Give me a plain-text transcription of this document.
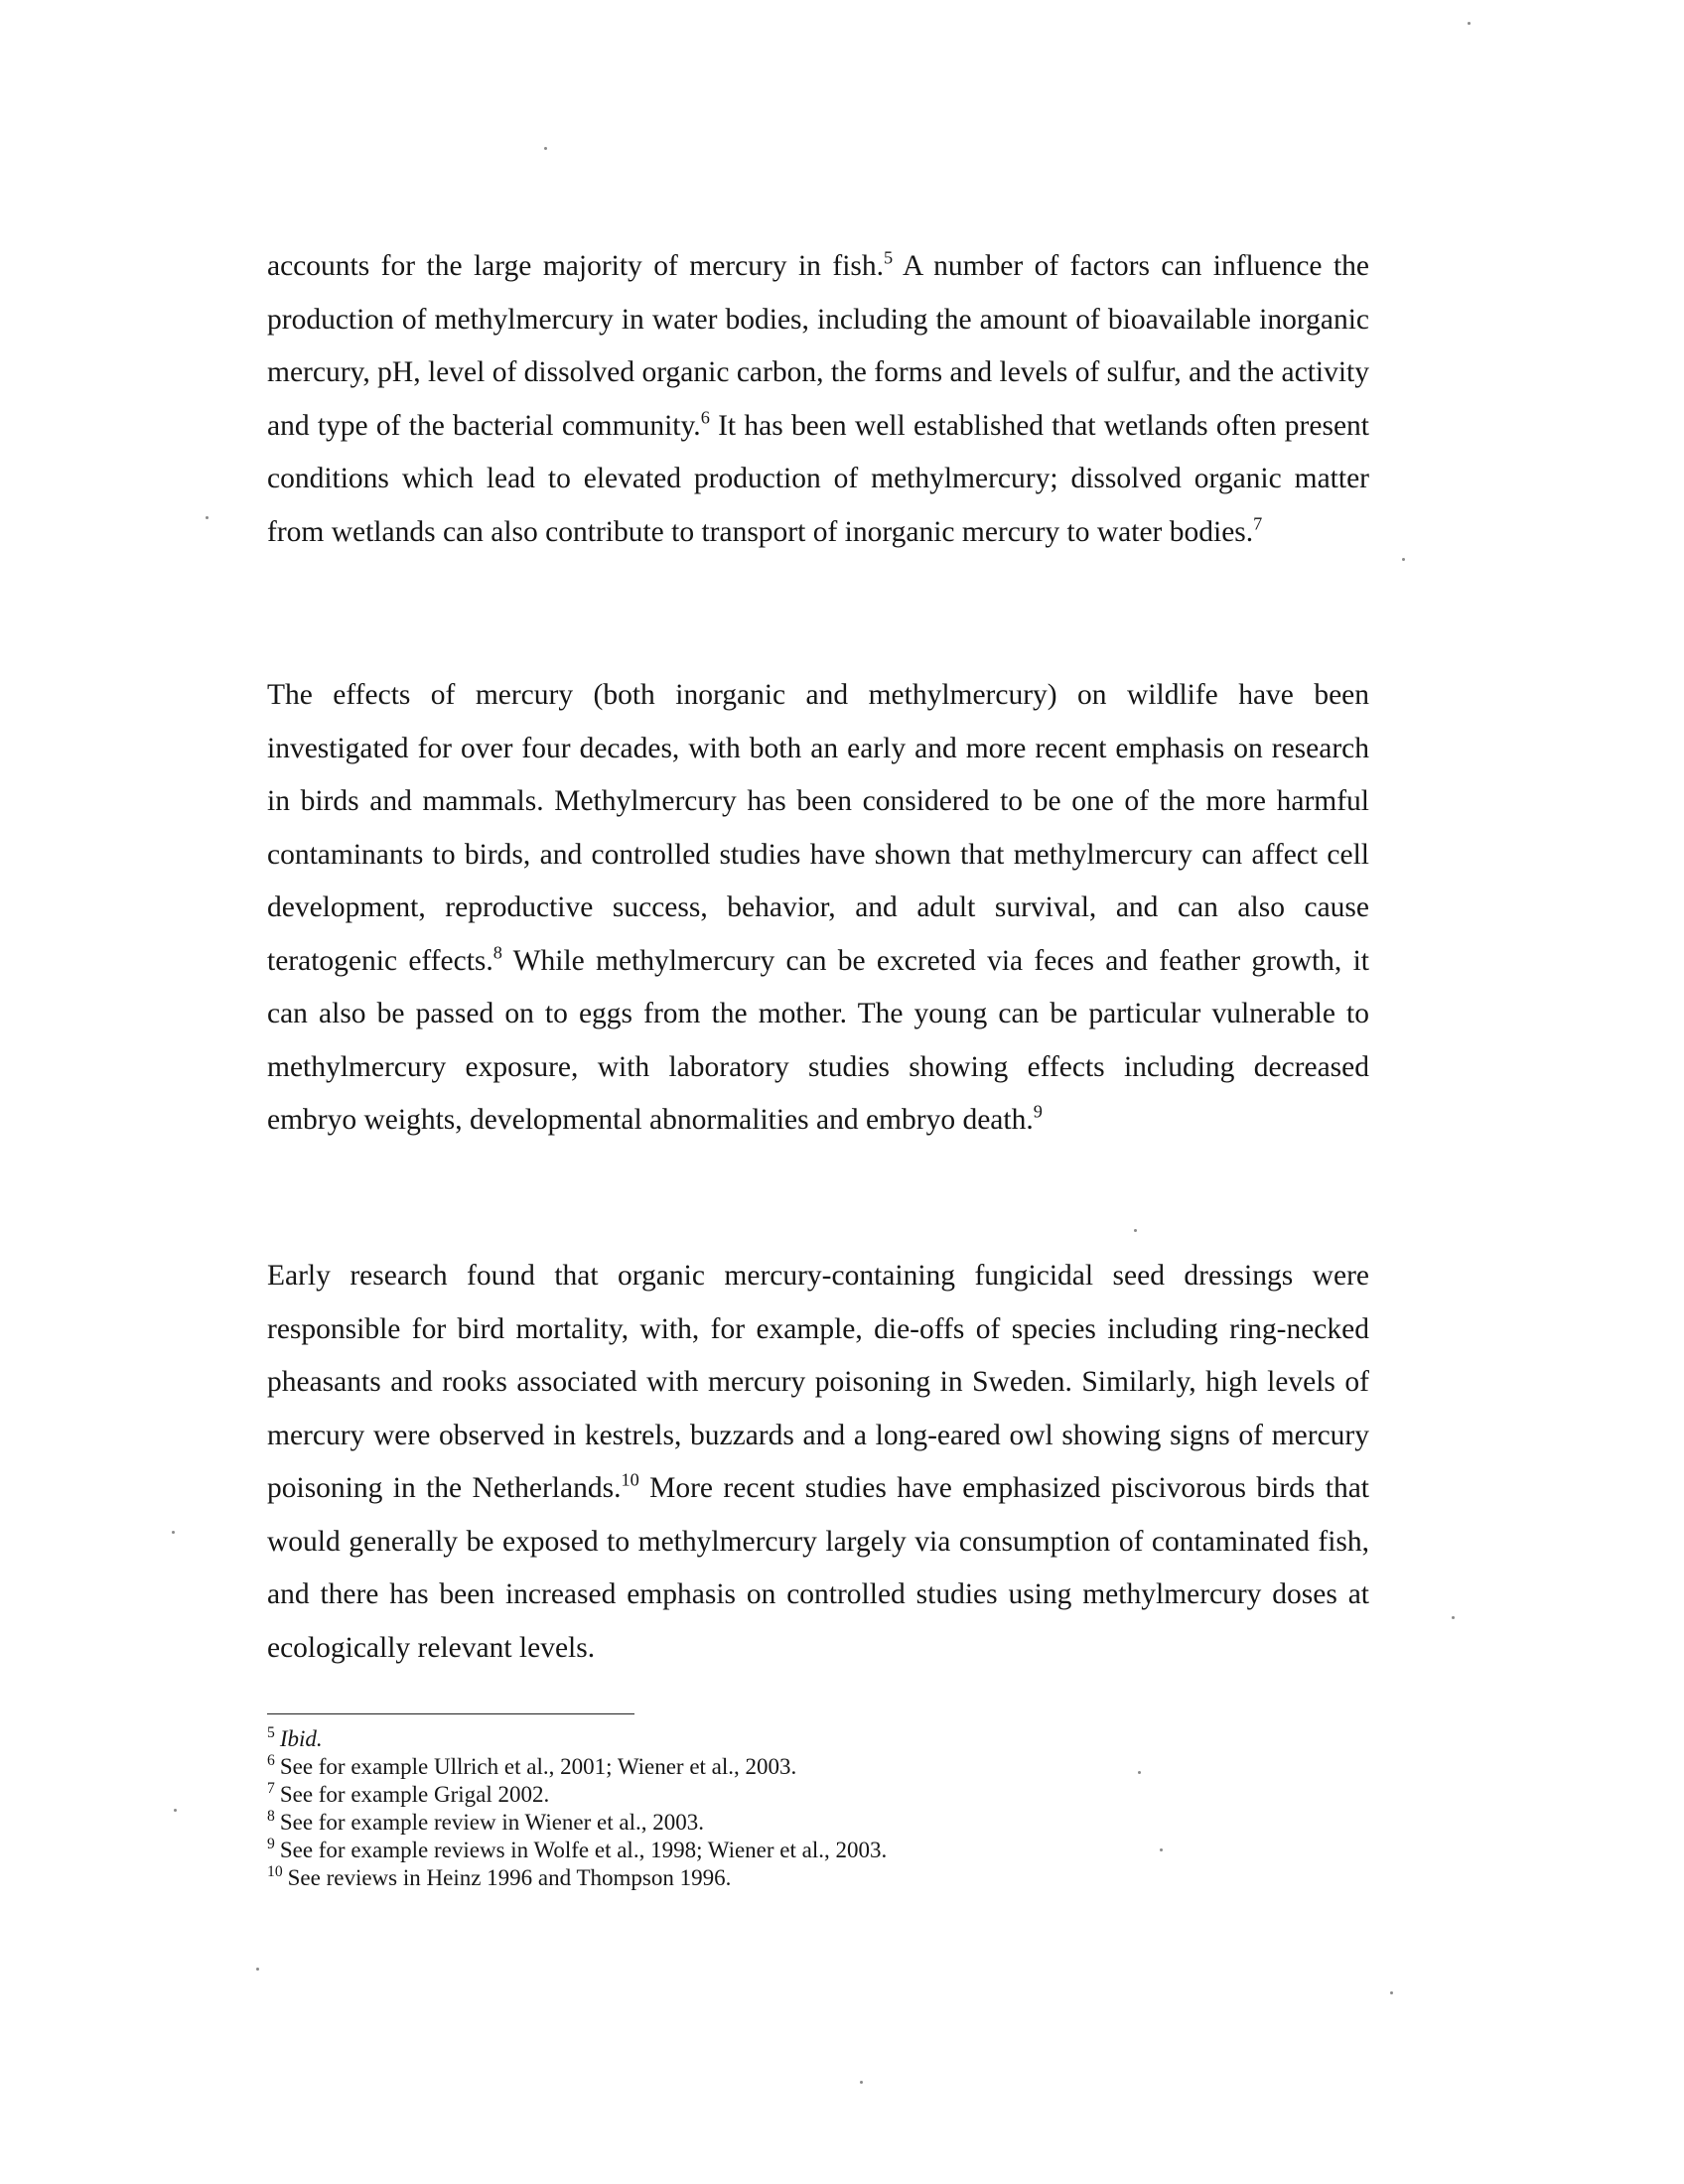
accounts for the large majority of mercury in fish.$^5$ A number of factors can influence the production of methylmercury in water bodies, including the amount of bioavailable inorganic mercury, pH, level of dissolved organic carbon, the forms and levels of sulfur, and the activity and type of the bacterial community.$^6$ It has been well established that wetlands often present conditions which lead to elevated production of methylmercury; dissolved organic matter from wetlands can also contribute to transport of inorganic mercury to water bodies.$^7$

The effects of mercury (both inorganic and methylmercury) on wildlife have been investigated for over four decades, with both an early and more recent emphasis on research in birds and mammals. Methylmercury has been considered to be one of the more harmful contaminants to birds, and controlled studies have shown that methylmercury can affect cell development, reproductive success, behavior, and adult survival, and can also cause teratogenic effects.$^8$ While methylmercury can be excreted via feces and feather growth, it can also be passed on to eggs from the mother. The young can be particular vulnerable to methylmercury exposure, with laboratory studies showing effects including decreased embryo weights, developmental abnormalities and embryo death.$^9$

Early research found that organic mercury-containing fungicidal seed dressings were responsible for bird mortality, with, for example, die-offs of species including ring-necked pheasants and rooks associated with mercury poisoning in Sweden. Similarly, high levels of mercury were observed in kestrels, buzzards and a long-eared owl showing signs of mercury poisoning in the Netherlands.$^{10}$ More recent studies have emphasized piscivorous birds that would generally be exposed to methylmercury largely via consumption of contaminated fish, and there has been increased emphasis on controlled studies using methylmercury doses at ecologically relevant levels.

$^5$ Ibid.
$^6$ See for example Ullrich et al., 2001; Wiener et al., 2003.
$^7$ See for example Grigal 2002.
$^8$ See for example review in Wiener et al., 2003.
$^9$ See for example reviews in Wolfe et al., 1998; Wiener et al., 2003.
$^{10}$ See reviews in Heinz 1996 and Thompson 1996.
